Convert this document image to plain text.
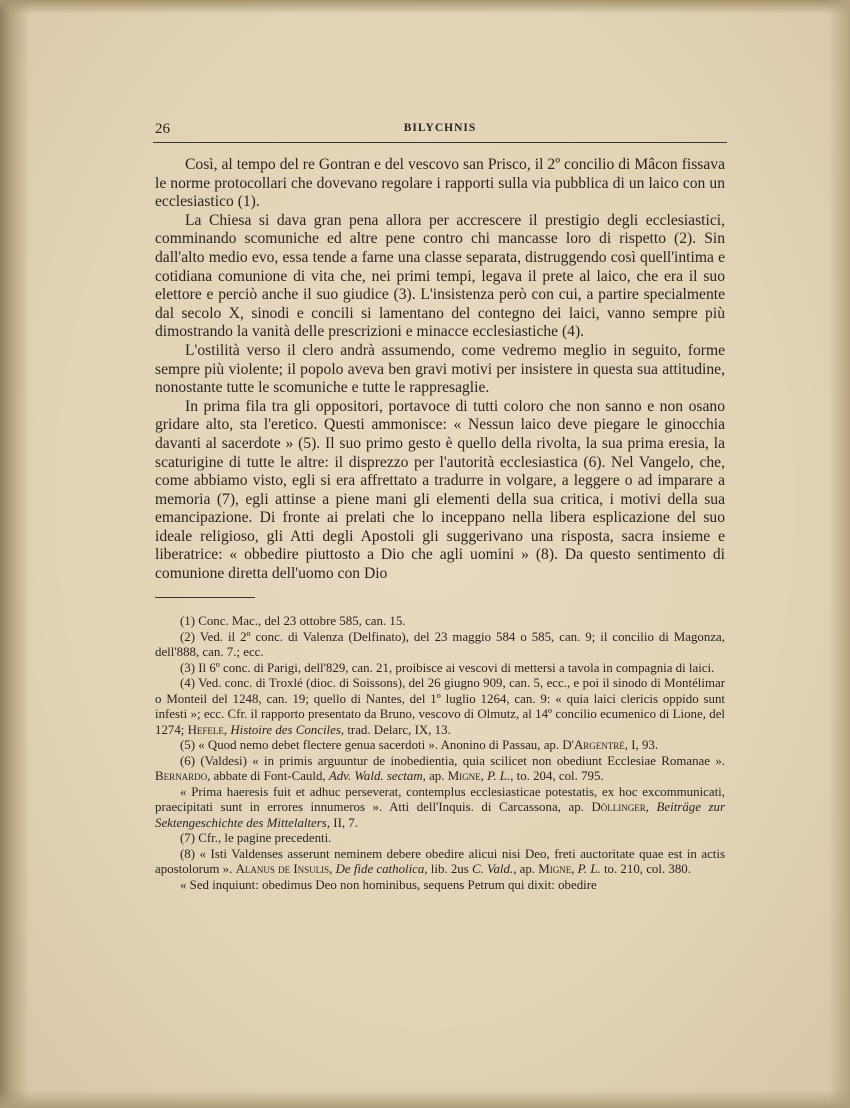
26	BILYCHNIS

Così, al tempo del re Gontran e del vescovo san Prisco, il 2º concilio di Mâcon fissava le norme protocollari che dovevano regolare i rapporti sulla via pubblica di un laico con un ecclesiastico (1).

La Chiesa si dava gran pena allora per accrescere il prestigio degli ecclesiastici, comminando scomuniche ed altre pene contro chi mancasse loro di rispetto (2). Sin dall'alto medio evo, essa tende a farne una classe separata, distruggendo così quell'intima e cotidiana comunione di vita che, nei primi tempi, legava il prete al laico, che era il suo elettore e perciò anche il suo giudice (3). L'insistenza però con cui, a partire specialmente dal secolo X, sinodi e concili si lamentano del contegno dei laici, vanno sempre più dimostrando la vanità delle prescrizioni e minacce ecclesiastiche (4).

L'ostilità verso il clero andrà assumendo, come vedremo meglio in seguito, forme sempre più violente; il popolo aveva ben gravi motivi per insistere in questa sua attitudine, nonostante tutte le scomuniche e tutte le rappresaglie.

In prima fila tra gli oppositori, portavoce di tutti coloro che non sanno e non osano gridare alto, sta l'eretico. Questi ammonisce: « Nessun laico deve piegare le ginocchia davanti al sacerdote » (5). Il suo primo gesto è quello della rivolta, la sua prima eresia, la scaturigine di tutte le altre: il disprezzo per l'autorità ecclesiastica (6). Nel Vangelo, che, come abbiamo visto, egli si era affrettato a tradurre in volgare, a leggere o ad imparare a memoria (7), egli attinse a piene mani gli elementi della sua critica, i motivi della sua emancipazione. Di fronte ai prelati che lo inceppano nella libera esplicazione del suo ideale religioso, gli Atti degli Apostoli gli suggerivano una risposta, sacra insieme e liberatrice: « obbedire piuttosto a Dio che agli uomini » (8). Da questo sentimento di comunione diretta dell'uomo con Dio

(1) Conc. Mac., del 23 ottobre 585, can. 15.

(2) Ved. il 2º conc. di Valenza (Delfinato), del 23 maggio 584 o 585, can. 9; il concilio di Magonza, dell'888, can. 7.; ecc.

(3) Il 6º conc. di Parigi, dell'829, can. 21, proibisce ai vescovi di mettersi a tavola in compagnia di laici.

(4) Ved. conc. di Troxlé (dioc. di Soissons), del 26 giugno 909, can. 5, ecc., e poi il sinodo di Montélimar o Monteil del 1248, can. 19; quello di Nantes, del 1º luglio 1264, can. 9: « quia laici clericis oppido sunt infesti »; ecc. Cfr. il rapporto presentato da Bruno, vescovo di Olmutz, al 14º concilio ecumenico di Lione, del 1274; Hefele, Histoire des Conciles, trad. Delarc, IX, 13.

(5) « Quod nemo debet flectere genua sacerdoti ». Anonino di Passau, ap. D'Argentré, I, 93.

(6) (Valdesi) « in primis arguuntur de inobedientia, quia scilicet non obediunt Ecclesiae Romanae ». Bernardo, abbate di Font-Cauld, Adv. Wald. sectam, ap. Migne, P. L., to. 204, col. 795.

« Prima haeresis fuit et adhuc perseverat, contemplus ecclesiasticae potestatis, ex hoc excommunicati, praecipitati sunt in errores innumeros ». Atti dell'Inquis. di Carcassona, ap. Döllinger, Beiträge zur Sektengeschichte des Mittelalters, II, 7.

(7) Cfr., le pagine precedenti.

(8) « Isti Valdenses asserunt neminem debere obedire alicui nisi Deo, freti auctoritate quae est in actis apostolorum ». Alanus de Insulis, De fide catholica, lib. 2us C. Vald., ap. Migne, P. L. to. 210, col. 380.

« Sed inquiunt: obedimus Deo non hominibus, sequens Petrum qui dixit: obedire
